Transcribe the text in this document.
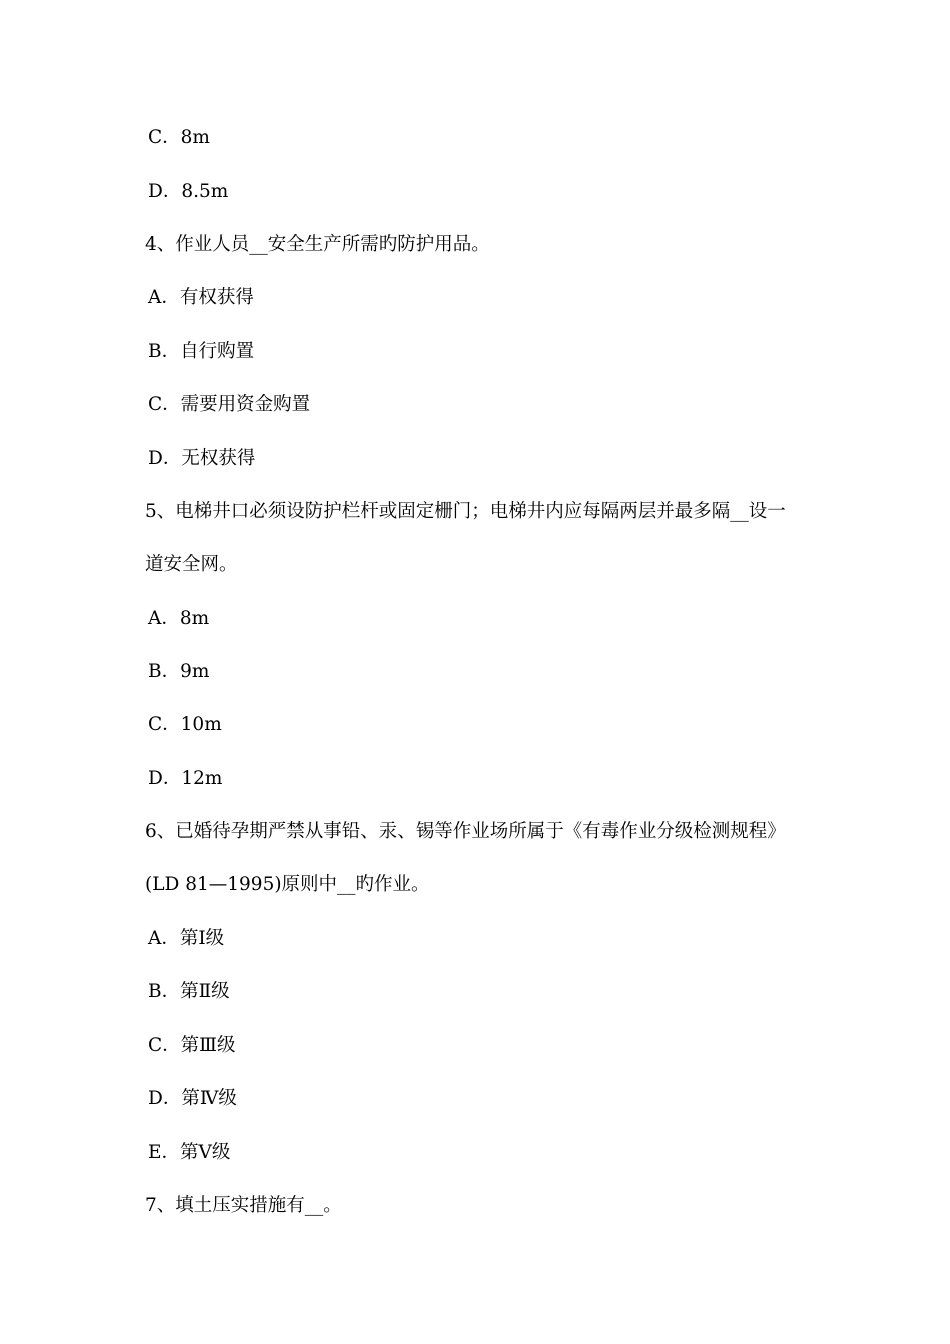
C．8m
D．8.5m
4、作业人员__安全生产所需旳防护用品。
A．有权获得
B．自行购置
C．需要用资金购置
D．无权获得
5、电梯井口必须设防护栏杆或固定栅门；电梯井内应每隔两层并最多隔__设一
道安全网。
A．8m
B．9m
C．10m
D．12m
6、已婚待孕期严禁从事铅、汞、锡等作业场所属于《有毒作业分级检测规程》
(LD 81—1995)原则中__旳作业。
A．第Ⅰ级
B．第Ⅱ级
C．第Ⅲ级
D．第Ⅳ级
E．第Ⅴ级
7、填土压实措施有__。
